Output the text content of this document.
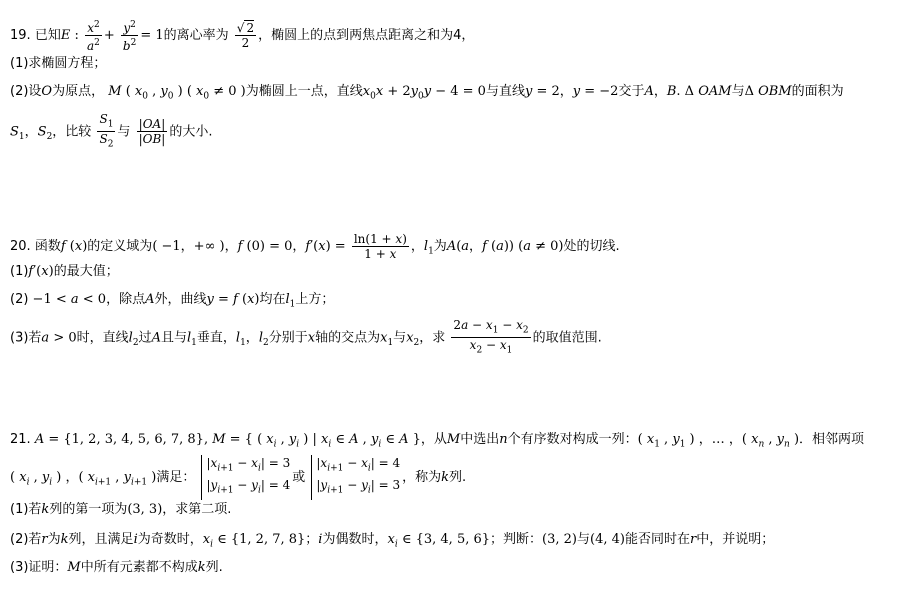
19. 已知E : $\frac{x^2}{a^2} + \frac{y^2}{b^2} = 1$的离心率为 $\frac{√ 2}{2}$ ，椭圆上的点到两焦点距离之和为4，
(1)求椭圆方程；
(2)设O为原点， M ( $x_0$ , $y_0$ ) ( $x_0 \ne 0$ )为椭圆上一点，直线$x_0x + 2y_0y - 4 = 0$与直线y = 2，y = −2交于A，B. Δ OAM与Δ OBM的面积为
$S_1$，$S_2$，比较 $\frac{S_1}{S_2}$ 与 $\frac{|OA|}{|OB|}$ 的大小.
20. 函数f (x)的定义域为( −1，+∞ )，f (0) = 0，$f'(x) = \frac{\ln(1 + x)}{1 + x}$ ，$l_1$为A(a，f (a)) (a ≠ 0)处的切线.
(1)f′(x)的最大值；
(2) −1 < a < 0，除点A外，曲线y = f (x)均在$l_1$上方；
(3)若a > 0时，直线$l_2$过A且与$l_1$垂直，$l_1$，$l_2$分别于x轴的交点为$x_1$与$x_2$，求 $\frac{2a - x_1 - x_2}{x_2 - x_1}$ 的取值范围.
21. A = {1, 2, 3, 4, 5, 6, 7, 8}, M = { ( $x_i$ , $y_i$ ) | $x_i$ ∈ A , $y_i$ ∈ A }，从M中选出n个有序数对构成一列：( $x_1$ , $y_1$ ) ，… ，( $x_n$ , $y_n$ )．相邻两项
( $x_i$ , $y_i$ ) ，( $x_{i+1}$ , $y_{i+1}$ )满足： $|x_{i+1} - x_i| = 3$
$|y_{i+1} - y_i| = 4$或 $|x_{i+1} - x_i| = 4$
$|y_{i+1} - y_i| = 3$，称为k列.
(1)若k列的第一项为(3, 3)，求第二项.
(2)若r为k列，且满足i为奇数时，$x_i$ ∈ {1, 2, 7, 8}；i为偶数时，$x_i$ ∈ {3, 4, 5, 6}；判断：(3, 2)与(4, 4)能否同时在r中，并说明；
(3)证明：M中所有元素都不构成k列.
